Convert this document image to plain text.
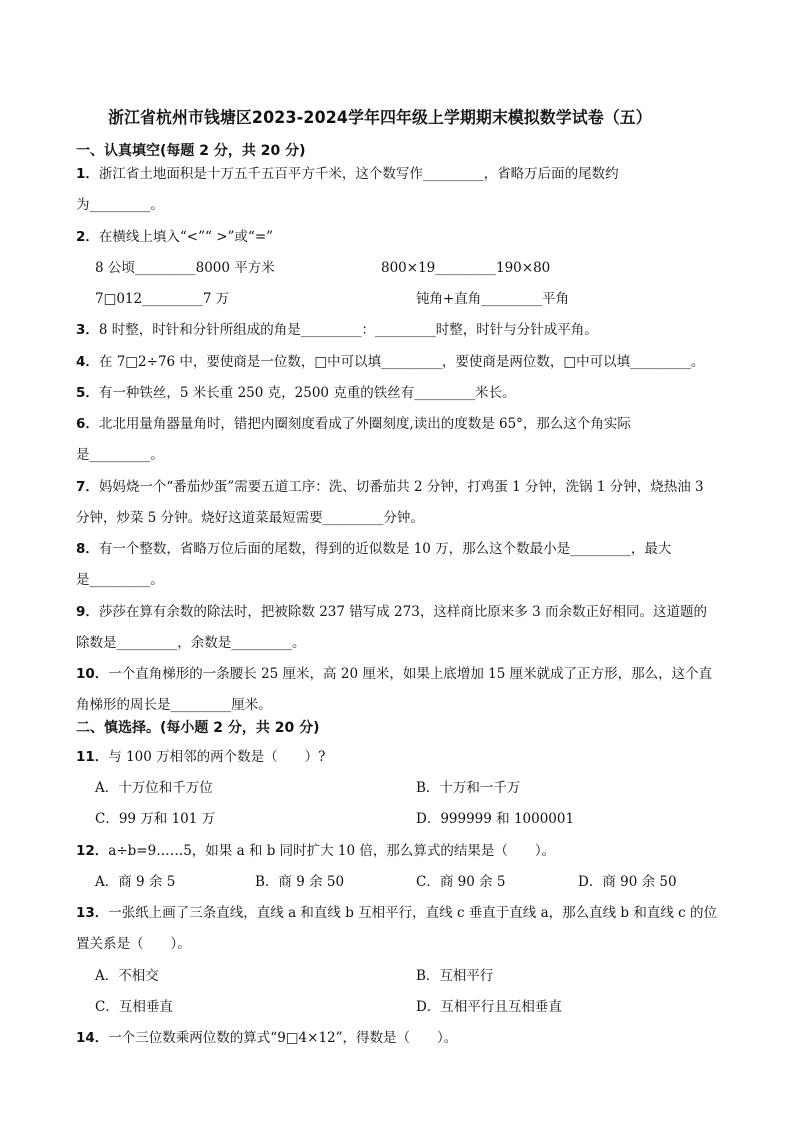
浙江省杭州市钱塘区2023-2024学年四年级上学期期末模拟数学试卷（五）
一、认真填空(每题 2 分，共 20 分)
1．浙江省土地面积是十万五千五百平方千米，这个数写作_________，省略万后面的尾数约
为_________。
2．在横线上填入“<”“ >”或“=”
8 公顷_________8000 平方米	800×19_________190×80
7□012_________7 万	钝角+直角_________平角
3．8 时整，时针和分针所组成的角是_________：_________时整，时针与分针成平角。
4．在 7□2÷76 中，要使商是一位数，□中可以填_________，要使商是两位数，□中可以填_________。
5．有一种铁丝，5 米长重 250 克，2500 克重的铁丝有_________米长。
6．北北用量角器量角时，错把内圈刻度看成了外圈刻度,读出的度数是 65°，那么这个角实际
是_________。
7．妈妈烧一个“番茄炒蛋”需要五道工序：洗、切番茄共 2 分钟，打鸡蛋 1 分钟，洗锅 1 分钟，烧热油 3
分钟，炒菜 5 分钟。烧好这道菜最短需要_________分钟。
8．有一个整数，省略万位后面的尾数，得到的近似数是 10 万，那么这个数最小是_________，最大
是_________。
9．莎莎在算有余数的除法时，把被除数 237 错写成 273，这样商比原来多 3 而余数正好相同。这道题的
除数是_________，余数是_________。
10．一个直角梯形的一条腰长 25 厘米，高 20 厘米，如果上底增加 15 厘米就成了正方形，那么，这个直
角梯形的周长是_________厘米。
二、慎选择。(每小题 2 分，共 20 分)
11．与 100 万相邻的两个数是（　　）?
A．十万位和千万位	B．十万和一千万
C．99 万和 101 万	D．999999 和 1000001
12．a÷b=9……5，如果 a 和 b 同时扩大 10 倍，那么算式的结果是（　　）。
A．商 9 余 5	B．商 9 余 50	C．商 90 余 5	D．商 90 余 50
13．一张纸上画了三条直线，直线 a 和直线 b 互相平行，直线 c 垂直于直线 a，那么直线 b 和直线 c 的位
置关系是（　　）。
A．不相交	B．互相平行
C．互相垂直	D．互相平行且互相垂直
14．一个三位数乘两位数的算式“9□4×12”，得数是（　　）。
